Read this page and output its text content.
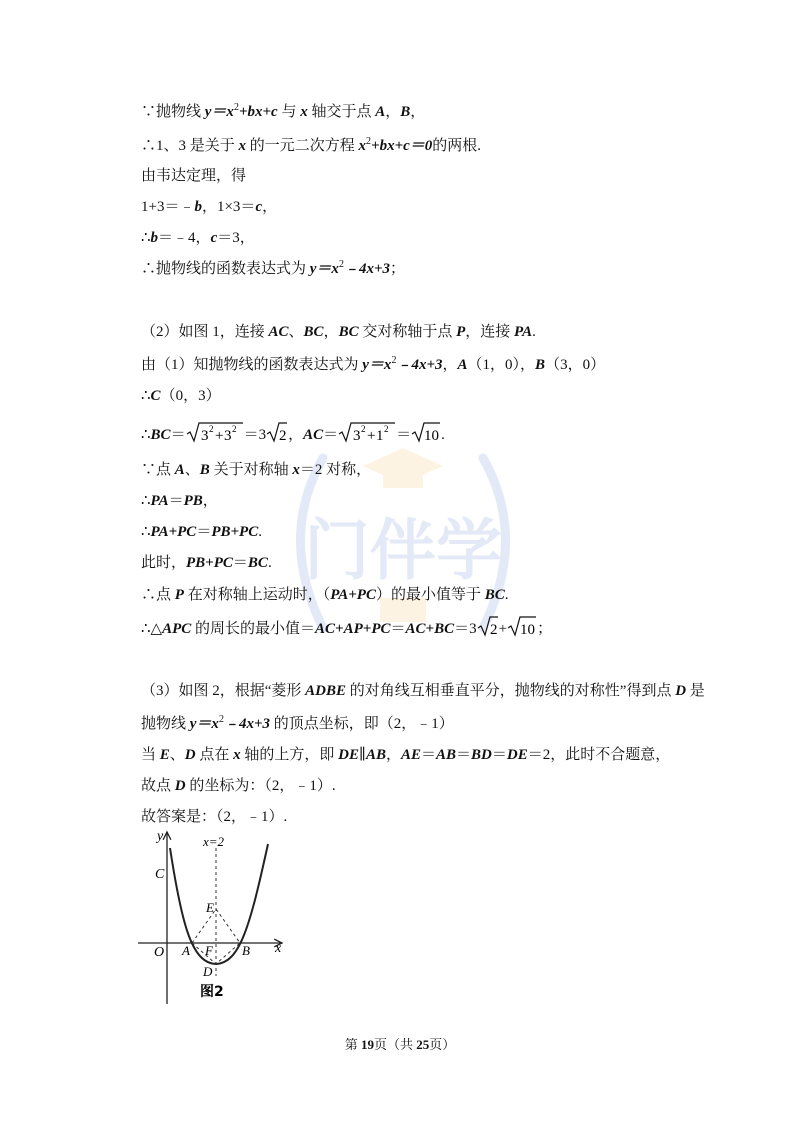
门伴学
∵抛物线 $y=x^2+bx+c$ 与 x 轴交于点 A，B，
∴1、3 是关于 x 的一元二次方程 $x^2+bx+c=0$的两根.
由韦达定理，得
1+3＝﹣b，1×3＝c，
∴b＝﹣4，c＝3，
∴抛物线的函数表达式为 $y=x^2﹣4x+3$；
（2）如图 1，连接 AC、BC，BC 交对称轴于点 P，连接 PA.
由（1）知抛物线的函数表达式为 $y=x^2﹣4x+3$，A（1，0），B（3，0）
∴C（0，3）
∴BC＝ 3 2 + 3 2 ＝3 2 ，AC＝ 3 2 + 1 2 ＝ 10 .
∵点 A、B 关于对称轴 x＝2 对称，
∴PA＝PB，
∴PA+PC＝PB+PC.
此时，PB+PC＝BC.
∴点 P 在对称轴上运动时，（PA+PC）的最小值等于 BC.
∴△APC 的周长的最小值＝AC+AP+PC＝AC+BC＝3 2 + 10 ；
（3）如图 2，根据“菱形 ADBE 的对角线互相垂直平分，抛物线的对称性”得到点 D 是
抛物线 $y=x^2﹣4x+3$ 的顶点坐标，即（2，﹣1）
当 E、D 点在 x 轴的上方，即 DE∥AB，AE＝AB＝BD＝DE＝2，此时不合题意，
故点 D 的坐标为：（2，﹣1）.
故答案是：（2，﹣1）.
y
x
x=2
C
E
O A F B
D
图2
第 19页（共 25页）
